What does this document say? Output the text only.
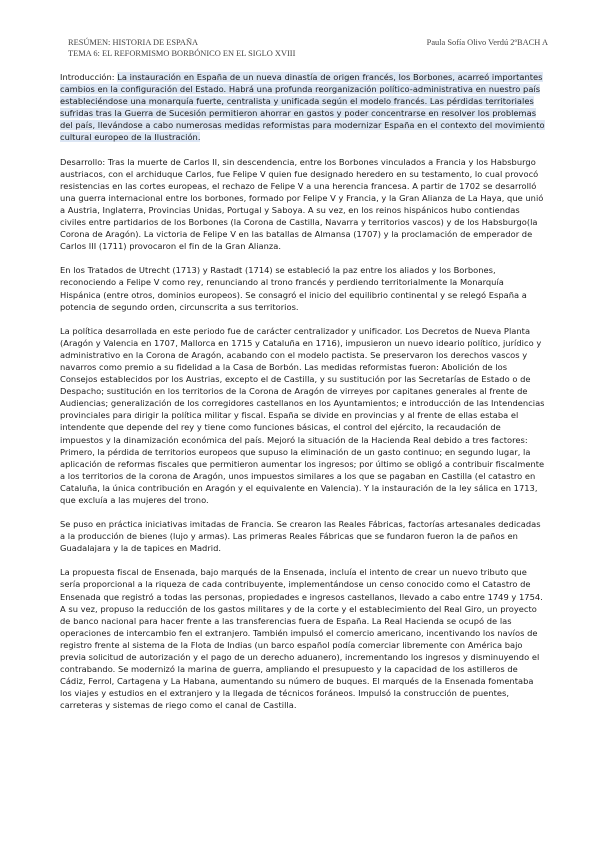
RESÚMEN: HISTORIA DE ESPAÑA	Paula Sofía Olivo Verdú 2ºBACH A
TEMA 6: EL REFORMISMO BORBÓNICO EN EL SIGLO XVIII

Introducción: La instauración en España de un nueva dinastía de origen francés, los Borbones, acarreó importantes cambios en la configuración del Estado. Habrá una profunda reorganización político-administrativa en nuestro país estableciéndose una monarquía fuerte, centralista y unificada según el modelo francés. Las pérdidas territoriales sufridas tras la Guerra de Sucesión permitieron ahorrar en gastos y poder concentrarse en resolver los problemas del país, llevándose a cabo numerosas medidas reformistas para modernizar España en el contexto del movimiento cultural europeo de la Ilustración.

Desarrollo: Tras la muerte de Carlos II, sin descendencia, entre los Borbones vinculados a Francia y los Habsburgo austriacos, con el archiduque Carlos, fue Felipe V quien fue designado heredero en su testamento, lo cual provocó resistencias en las cortes europeas, el rechazo de Felipe V a una herencia francesa. A partir de 1702 se desarrolló una guerra internacional entre los borbones, formado por Felipe V y Francia, y la Gran Alianza de La Haya, que unió a Austria, Inglaterra, Provincias Unidas, Portugal y Saboya. A su vez, en los reinos hispánicos hubo contiendas civiles entre partidarios de los Borbones (la Corona de Castilla, Navarra y territorios vascos) y de los Habsburgo(la Corona de Aragón). La victoria de Felipe V en las batallas de Almansa (1707) y la proclamación de emperador de Carlos III (1711) provocaron el fin de la Gran Alianza.

En los Tratados de Utrecht (1713) y Rastadt (1714) se estableció la paz entre los aliados y los Borbones, reconociendo a Felipe V como rey, renunciando al trono francés y perdiendo territorialmente la Monarquía Hispánica (entre otros, dominios europeos). Se consagró el inicio del equilibrio continental y se relegó España a potencia de segundo orden, circunscrita a sus territorios.

La política desarrollada en este periodo fue de carácter centralizador y unificador. Los Decretos de Nueva Planta (Aragón y Valencia en 1707, Mallorca en 1715 y Cataluña en 1716), impusieron un nuevo ideario político, jurídico y administrativo en la Corona de Aragón, acabando con el modelo pactista. Se preservaron los derechos vascos y navarros como premio a su fidelidad a la Casa de Borbón. Las medidas reformistas fueron: Abolición de los Consejos establecidos por los Austrias, excepto el de Castilla, y su sustitución por las Secretarías de Estado o de Despacho; sustitución en los territorios de la Corona de Aragón de virreyes por capitanes generales al frente de Audiencias; generalización de los corregidores castellanos en los Ayuntamientos; e introducción de las Intendencias provinciales para dirigir la política militar y fiscal. España se divide en provincias y al frente de ellas estaba el intendente que depende del rey y tiene como funciones básicas, el control del ejército, la recaudación de impuestos y la dinamización económica del país. Mejoró la situación de la Hacienda Real debido a tres factores: Primero, la pérdida de territorios europeos que supuso la eliminación de un gasto continuo; en segundo lugar, la aplicación de reformas fiscales que permitieron aumentar los ingresos; por último se obligó a contribuir fiscalmente a los territorios de la corona de Aragón, unos impuestos similares a los que se pagaban en Castilla (el catastro en Cataluña, la única contribución en Aragón y el equivalente en Valencia). Y la instauración de la ley sálica en 1713, que excluía a las mujeres del trono.

Se puso en práctica iniciativas imitadas de Francia. Se crearon las Reales Fábricas, factorías artesanales dedicadas a la producción de bienes (lujo y armas). Las primeras Reales Fábricas que se fundaron fueron la de paños en Guadalajara y la de tapices en Madrid.

La propuesta fiscal de Ensenada, bajo marqués de la Ensenada, incluía el intento de crear un nuevo tributo que sería proporcional a la riqueza de cada contribuyente, implementándose un censo conocido como el Catastro de Ensenada que registró a todas las personas, propiedades e ingresos castellanos, llevado a cabo entre 1749 y 1754. A su vez, propuso la reducción de los gastos militares y de la corte y el establecimiento del Real Giro, un proyecto de banco nacional para hacer frente a las transferencias fuera de España. La Real Hacienda se ocupó de las operaciones de intercambio fen el extranjero. También impulsó el comercio americano, incentivando los navíos de registro frente al sistema de la Flota de Indias (un barco español podía comerciar libremente con América bajo previa solicitud de autorización y el pago de un derecho aduanero), incrementando los ingresos y disminuyendo el contrabando. Se modernizó la marina de guerra, ampliando el presupuesto y la capacidad de los astilleros de Cádiz, Ferrol, Cartagena y La Habana, aumentando su número de buques. El marqués de la Ensenada fomentaba los viajes y estudios en el extranjero y la llegada de técnicos foráneos. Impulsó la construcción de puentes, carreteras y sistemas de riego como el canal de Castilla.
